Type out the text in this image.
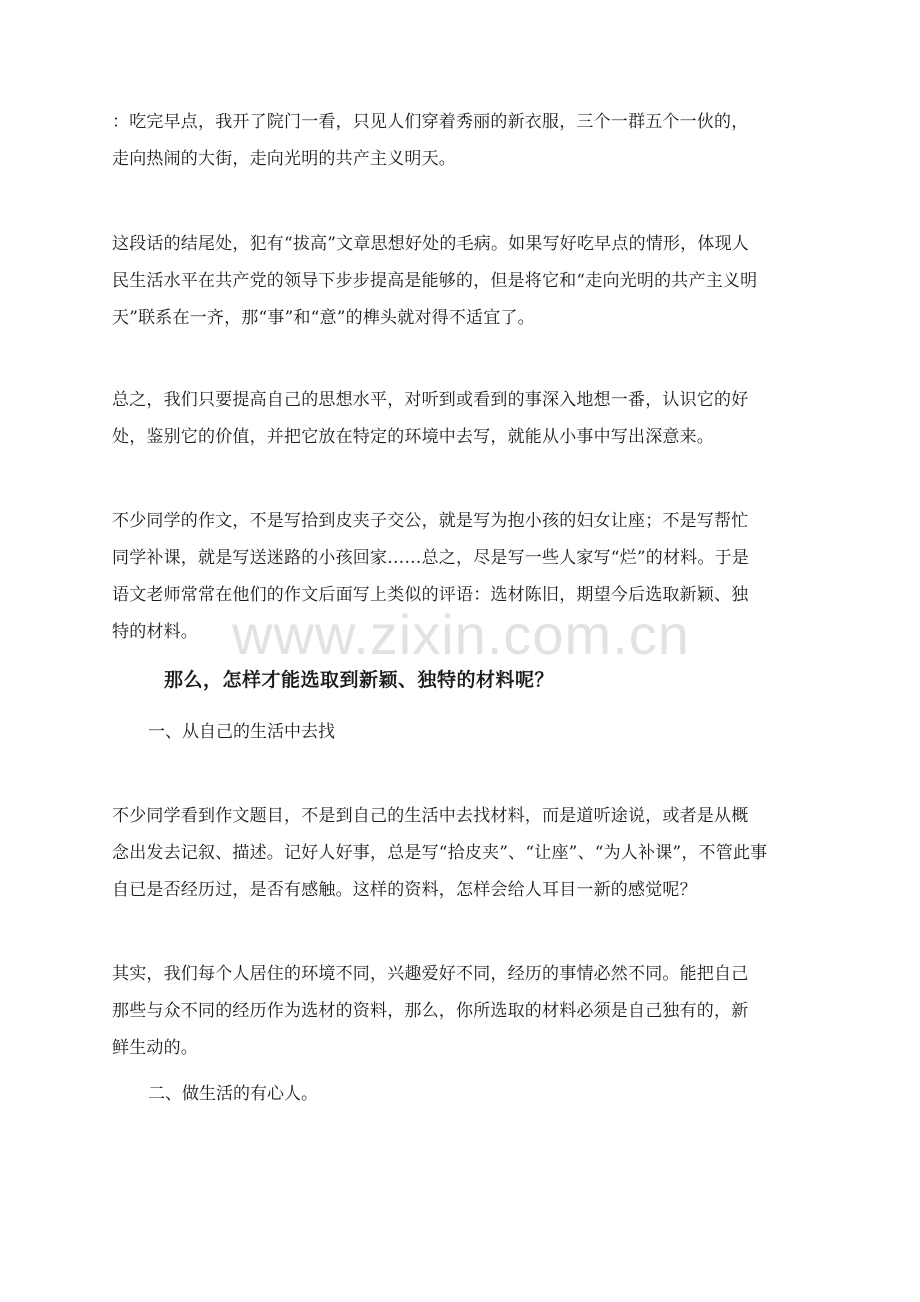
www.zixin.com.cn
：吃完早点，我开了院门一看，只见人们穿着秀丽的新衣服，三个一群五个一伙的，
走向热闹的大街，走向光明的共产主义明天。
这段话的结尾处，犯有“拔高”文章思想好处的毛病。如果写好吃早点的情形，体现人
民生活水平在共产党的领导下步步提高是能够的，但是将它和“走向光明的共产主义明
天”联系在一齐，那“事”和“意”的榫头就对得不适宜了。
总之，我们只要提高自己的思想水平，对听到或看到的事深入地想一番，认识它的好
处，鉴别它的价值，并把它放在特定的环境中去写，就能从小事中写出深意来。
不少同学的作文，不是写拾到皮夹子交公，就是写为抱小孩的妇女让座；不是写帮忙
同学补课，就是写送迷路的小孩回家……总之，尽是写一些人家写“烂”的材料。于是
语文老师常常在他们的作文后面写上类似的评语：选材陈旧，期望今后选取新颖、独
特的材料。
那么，怎样才能选取到新颖、独特的材料呢？
一、从自己的生活中去找
不少同学看到作文题目，不是到自己的生活中去找材料，而是道听途说，或者是从概
念出发去记叙、描述。记好人好事，总是写“拾皮夹”、“让座”、“为人补课”，不管此事
自已是否经历过，是否有感触。这样的资料，怎样会给人耳目一新的感觉呢？
其实，我们每个人居住的环境不同，兴趣爱好不同，经历的事情必然不同。能把自己
那些与众不同的经历作为选材的资料，那么，你所选取的材料必须是自己独有的，新
鲜生动的。
二、做生活的有心人。
